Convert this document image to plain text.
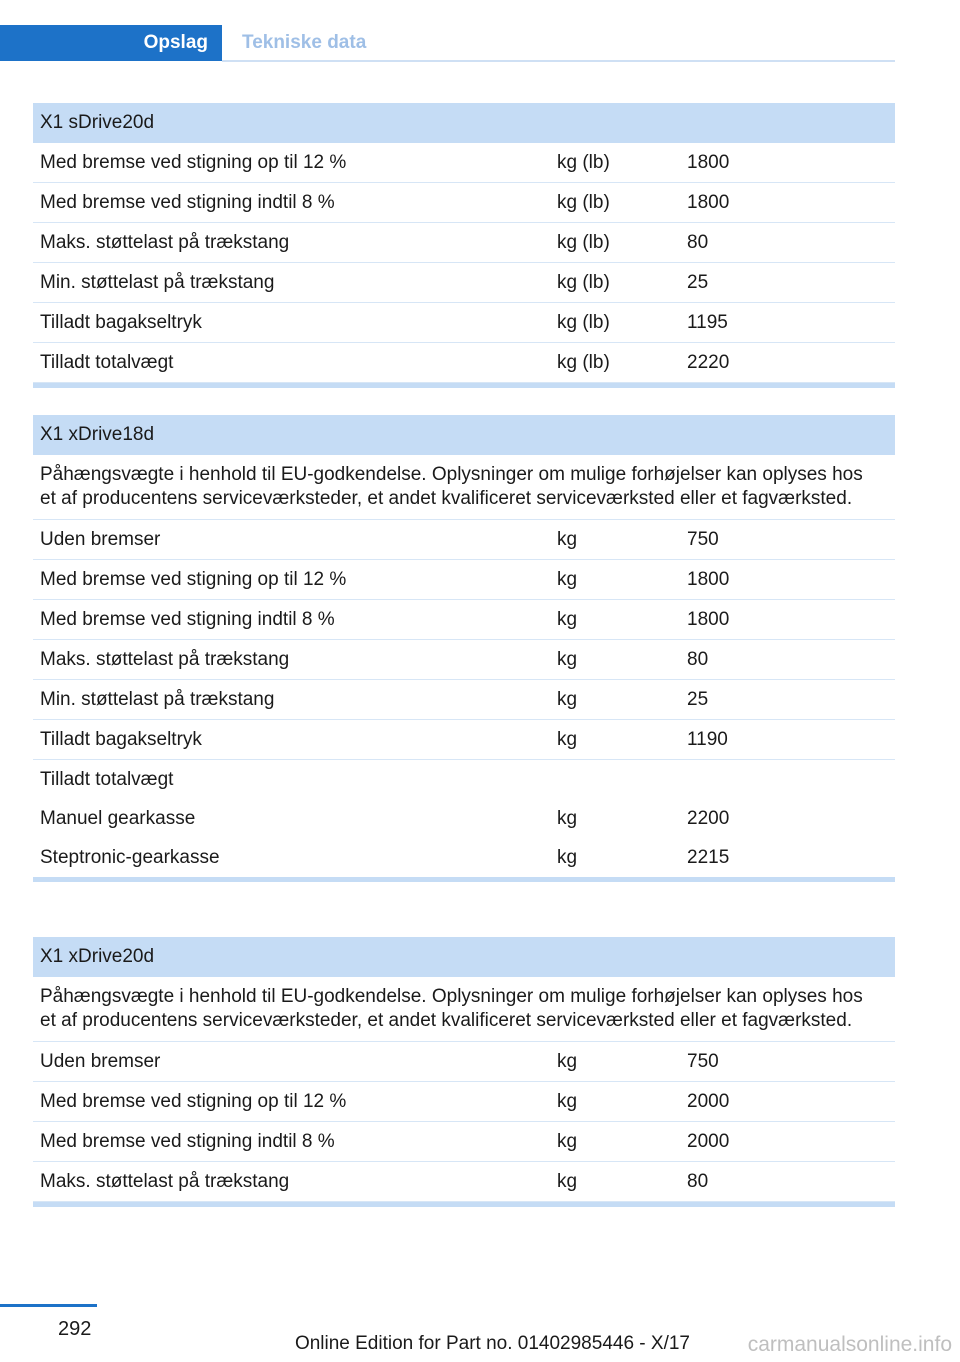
Opslag	Tekniske data
X1 sDrive20d
Med bremse ved stigning op til 12 %	kg (lb)	1800
Med bremse ved stigning indtil 8 %	kg (lb)	1800
Maks. støttelast på trækstang	kg (lb)	80
Min. støttelast på trækstang	kg (lb)	25
Tilladt bagakseltryk	kg (lb)	1195
Tilladt totalvægt	kg (lb)	2220
X1 xDrive18d
Påhængsvægte i henhold til EU-godkendelse. Oplysninger om mulige forhøjelser kan oplyses hos et af producentens serviceværksteder, et andet kvalificeret serviceværksted eller et fagværksted.
Uden bremser	kg	750
Med bremse ved stigning op til 12 %	kg	1800
Med bremse ved stigning indtil 8 %	kg	1800
Maks. støttelast på trækstang	kg	80
Min. støttelast på trækstang	kg	25
Tilladt bagakseltryk	kg	1190
Tilladt totalvægt
Manuel gearkasse	kg	2200
Steptronic-gearkasse	kg	2215
X1 xDrive20d
Påhængsvægte i henhold til EU-godkendelse. Oplysninger om mulige forhøjelser kan oplyses hos et af producentens serviceværksteder, et andet kvalificeret serviceværksted eller et fagværksted.
Uden bremser	kg	750
Med bremse ved stigning op til 12 %	kg	2000
Med bremse ved stigning indtil 8 %	kg	2000
Maks. støttelast på trækstang	kg	80
292
Online Edition for Part no. 01402985446 - X/17	carmanualsonline.info
